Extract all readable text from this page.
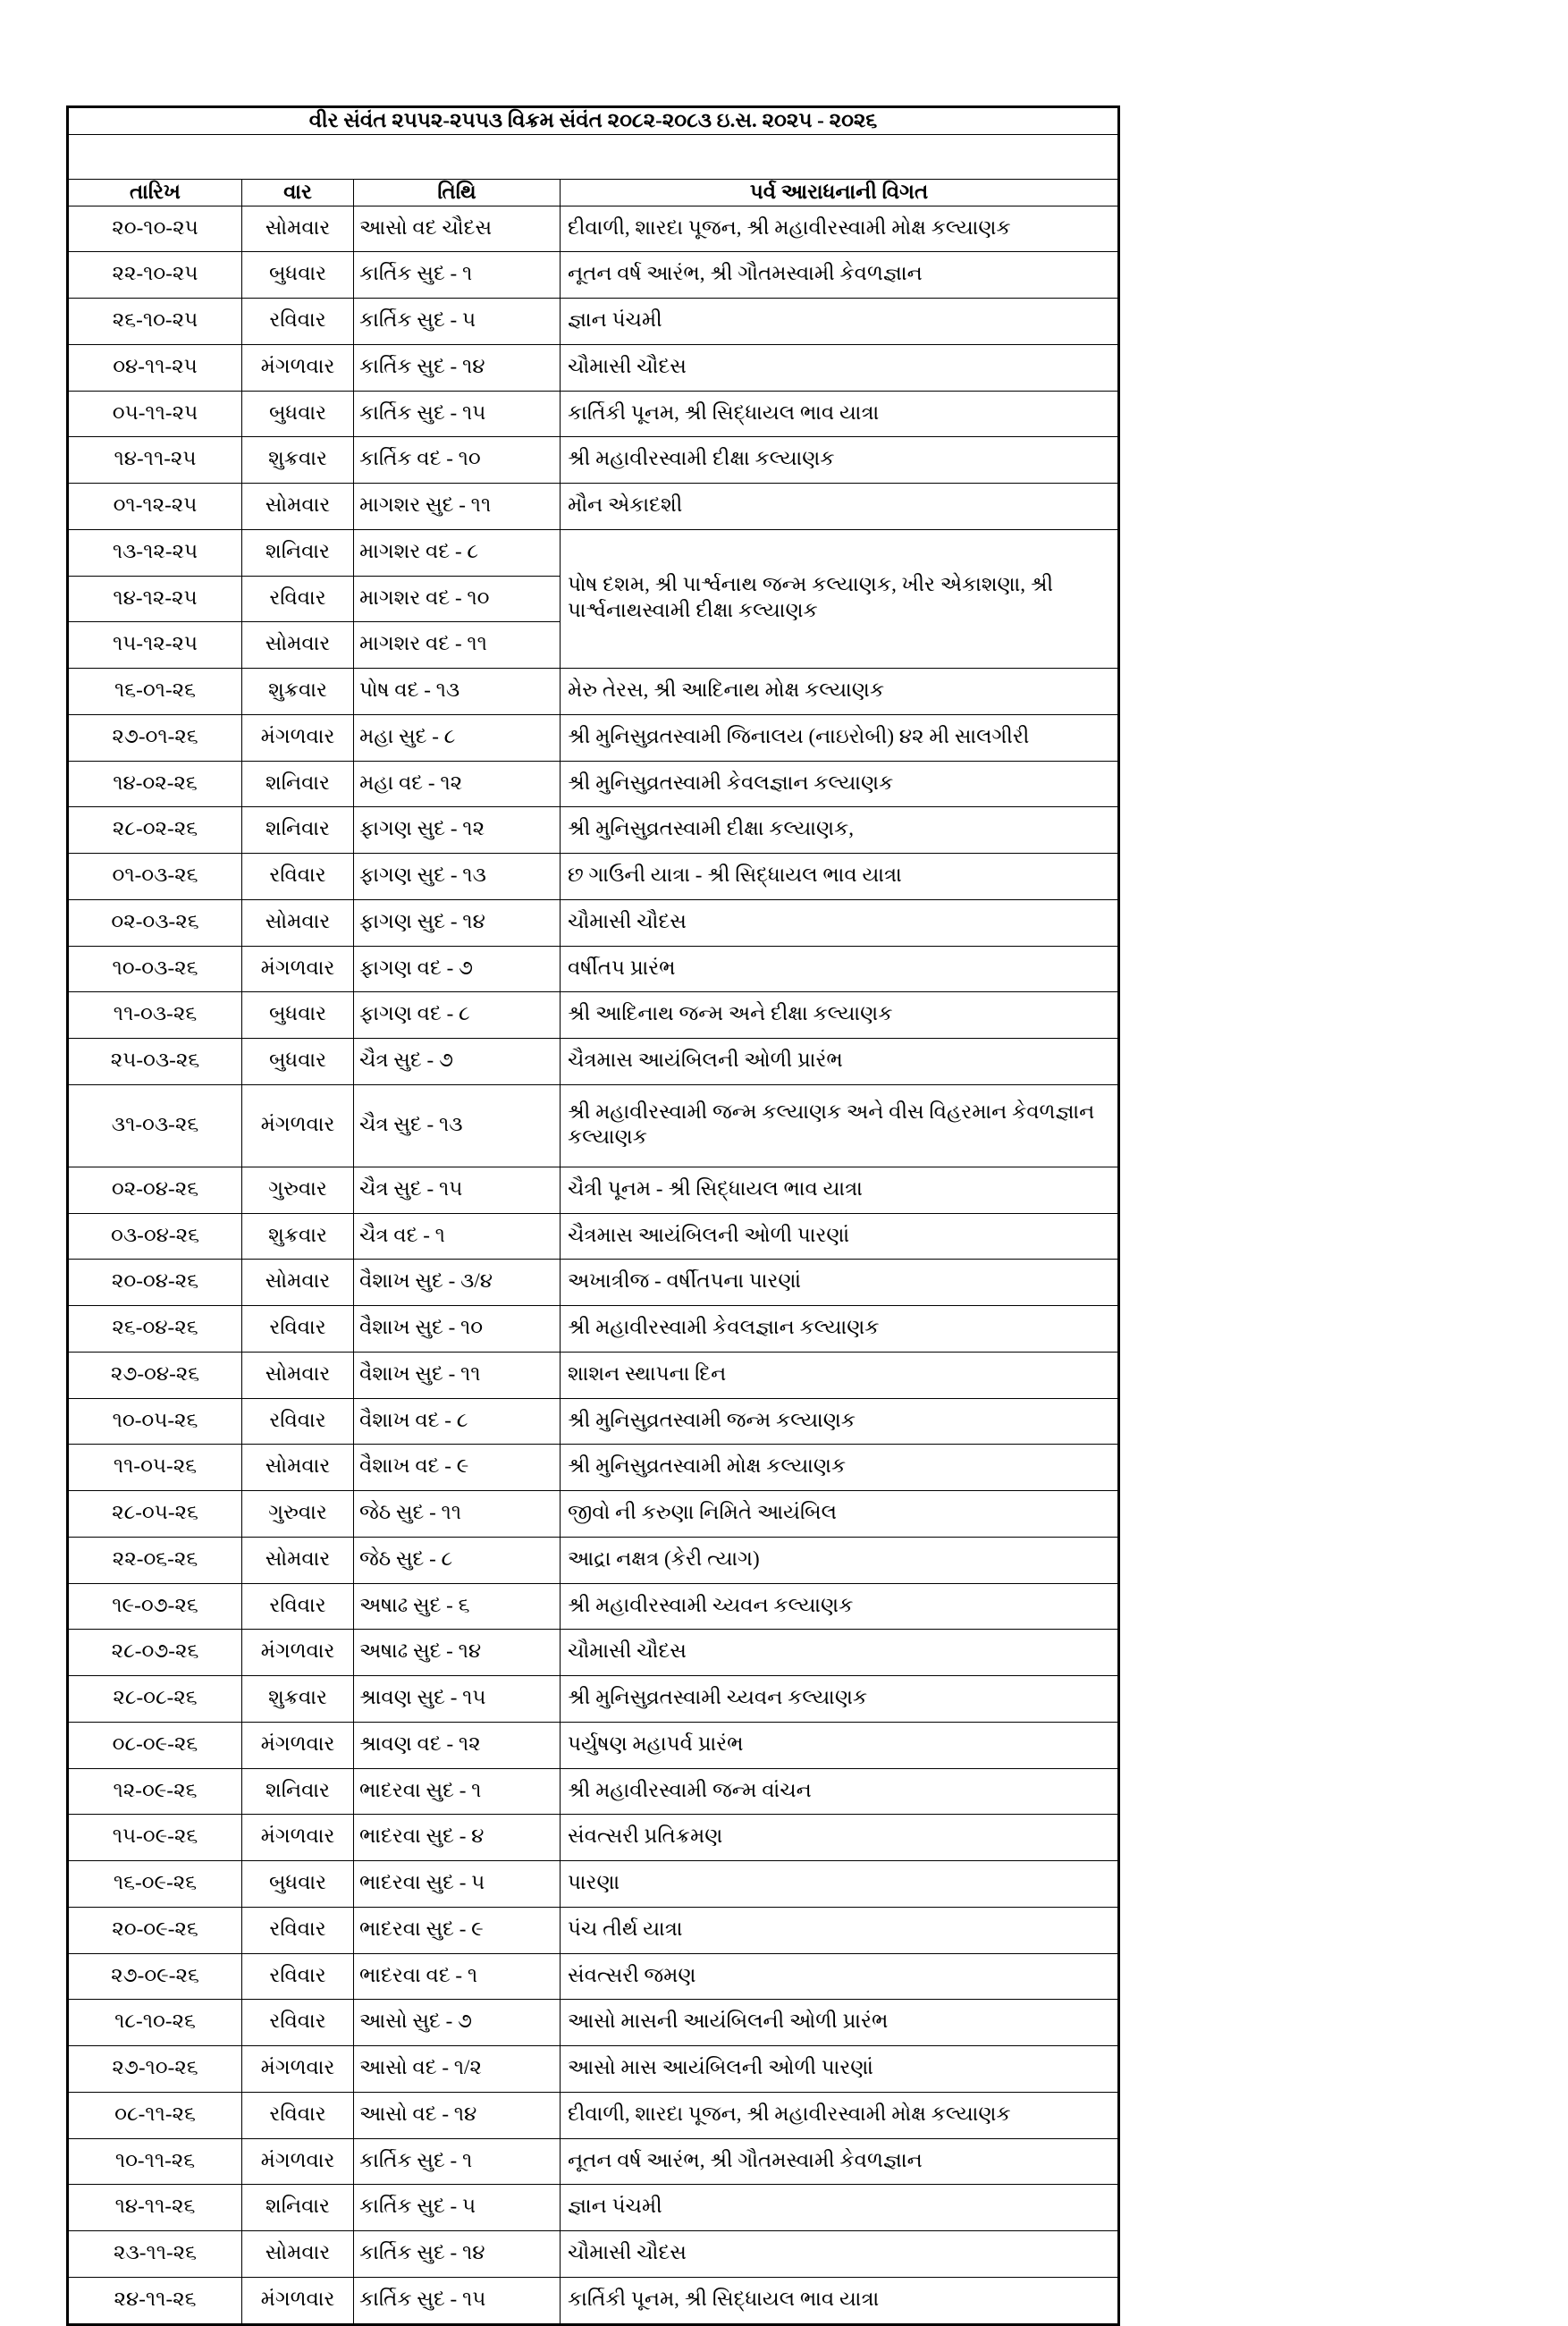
વીર સંવંત ૨૫૫૨-૨૫૫૩ વિક્રમ સંવંત ૨૦૮૨-૨૦૮૩ ઇ.સ. ૨૦૨૫ - ૨૦૨૬			

તારિખ	વાર	તિથિ	પર્વ આરાધનાની વિગત
૨૦-૧૦-૨૫	સોમવાર	આસો વદ ચૌદસ	દીવાળી, શારદા પૂજન, શ્રી મહાવીરસ્વામી મોક્ષ કલ્યાણક
૨૨-૧૦-૨૫	બુધવાર	કાર્તિક સુદ - ૧	નૂતન વર્ષ આરંભ, શ્રી ગૌતમસ્વામી કેવળજ્ઞાન
૨૬-૧૦-૨૫	રવિવાર	કાર્તિક સુદ - ૫	જ્ઞાન પંચમી
૦૪-૧૧-૨૫	મંગળવાર	કાર્તિક સુદ - ૧૪	ચૌમાસી ચૌદસ
૦૫-૧૧-૨૫	બુધવાર	કાર્તિક સુદ - ૧૫	કાર્તિકી પૂનમ, શ્રી સિદ્ધાયલ ભાવ યાત્રા
૧૪-૧૧-૨૫	શુક્રવાર	કાર્તિક વદ - ૧૦	શ્રી મહાવીરસ્વામી દીક્ષા કલ્યાણક
૦૧-૧૨-૨૫	સોમવાર	માગશર સુદ - ૧૧	મૌન એકાદશી
૧૩-૧૨-૨૫	શનિવાર	માગશર વદ - ૮	પોષ દશમ, શ્રી પાર્શ્વનાથ જન્મ કલ્યાણક, ખીર એકાશણા, શ્રી પાર્શ્વનાથસ્વામી દીક્ષા કલ્યાણક
૧૪-૧૨-૨૫	રવિવાર	માગશર વદ - ૧૦	
૧૫-૧૨-૨૫	સોમવાર	માગશર વદ - ૧૧	
૧૬-૦૧-૨૬	શુક્રવાર	પોષ વદ - ૧૩	મેરુ તેરસ, શ્રી આદિનાથ મોક્ષ કલ્યાણક
૨૭-૦૧-૨૬	મંગળવાર	મહા સુદ - ૮	શ્રી મુનિસુવ્રતસ્વામી જિનાલય (નાઇરોબી) ૪૨ મી સાલગીરી
૧૪-૦૨-૨૬	શનિવાર	મહા વદ - ૧૨	શ્રી મુનિસુવ્રતસ્વામી કેવલજ્ઞાન કલ્યાણક
૨૮-૦૨-૨૬	શનિવાર	ફાગણ સુદ - ૧૨	શ્રી મુનિસુવ્રતસ્વામી દીક્ષા કલ્યાણક,
૦૧-૦૩-૨૬	રવિવાર	ફાગણ સુદ - ૧૩	છ ગાઉની યાત્રા - શ્રી સિદ્ધાયલ ભાવ યાત્રા
૦૨-૦૩-૨૬	સોમવાર	ફાગણ સુદ - ૧૪	ચૌમાસી ચૌદસ
૧૦-૦૩-૨૬	મંગળવાર	ફાગણ વદ - ૭	વર્ષીતપ પ્રારંભ
૧૧-૦૩-૨૬	બુધવાર	ફાગણ વદ - ૮	શ્રી આદિનાથ જન્મ અને દીક્ષા કલ્યાણક
૨૫-૦૩-૨૬	બુધવાર	ચૈત્ર સુદ - ૭	ચૈત્રમાસ આયંબિલની ઓળી પ્રારંભ
૩૧-૦૩-૨૬	મંગળવાર	ચૈત્ર સુદ - ૧૩	શ્રી મહાવીરસ્વામી જન્મ કલ્યાણક અને વીસ વિહરમાન કેવળજ્ઞાન કલ્યાણક
૦૨-૦૪-૨૬	ગુરુવાર	ચૈત્ર સુદ - ૧૫	ચૈત્રી પૂનમ - શ્રી સિદ્ધાયલ ભાવ યાત્રા
૦૩-૦૪-૨૬	શુક્રવાર	ચૈત્ર વદ - ૧	ચૈત્રમાસ આયંબિલની ઓળી પારણાં
૨૦-૦૪-૨૬	સોમવાર	વૈશાખ સુદ - ૩/૪	અખાત્રીજ - વર્ષીતપના પારણાં
૨૬-૦૪-૨૬	રવિવાર	વૈશાખ સુદ - ૧૦	શ્રી મહાવીરસ્વામી કેવલજ્ઞાન કલ્યાણક
૨૭-૦૪-૨૬	સોમવાર	વૈશાખ સુદ - ૧૧	શાશન સ્થાપના દિન
૧૦-૦૫-૨૬	રવિવાર	વૈશાખ વદ - ૮	શ્રી મુનિસુવ્રતસ્વામી જન્મ કલ્યાણક
૧૧-૦૫-૨૬	સોમવાર	વૈશાખ વદ - ૯	શ્રી મુનિસુવ્રતસ્વામી મોક્ષ કલ્યાણક
૨૮-૦૫-૨૬	ગુરુવાર	જેઠ સુદ - ૧૧	જીવો ની કરુણા નિમિતે આયંબિલ
૨૨-૦૬-૨૬	સોમવાર	જેઠ સુદ - ૮	આદ્રા નક્ષત્ર (કેરી ત્યાગ)
૧૯-૦૭-૨૬	રવિવાર	અષાઢ સુદ - ૬	શ્રી મહાવીરસ્વામી ચ્યવન કલ્યાણક
૨૮-૦૭-૨૬	મંગળવાર	અષાઢ સુદ - ૧૪	ચૌમાસી ચૌદસ
૨૮-૦૮-૨૬	શુક્રવાર	શ્રાવણ સુદ - ૧૫	શ્રી મુનિસુવ્રતસ્વામી ચ્યવન કલ્યાણક
૦૮-૦૯-૨૬	મંગળવાર	શ્રાવણ વદ - ૧૨	પર્યુષણ મહાપર્વ પ્રારંભ
૧૨-૦૯-૨૬	શનિવાર	ભાદરવા સુદ - ૧	શ્રી મહાવીરસ્વામી જન્મ વાંચન
૧૫-૦૯-૨૬	મંગળવાર	ભાદરવા સુદ - ૪	સંવત્સરી પ્રતિક્રમણ
૧૬-૦૯-૨૬	બુધવાર	ભાદરવા સુદ - ૫	પારણા
૨૦-૦૯-૨૬	રવિવાર	ભાદરવા સુદ - ૯	પંચ તીર્થ યાત્રા
૨૭-૦૯-૨૬	રવિવાર	ભાદરવા વદ - ૧	સંવત્સરી જમણ
૧૮-૧૦-૨૬	રવિવાર	આસો સુદ - ૭	આસો માસની આયંબિલની ઓળી પ્રારંભ
૨૭-૧૦-૨૬	મંગળવાર	આસો વદ - ૧/૨	આસો માસ આયંબિલની ઓળી પારણાં
૦૮-૧૧-૨૬	રવિવાર	આસો વદ - ૧૪	દીવાળી, શારદા પૂજન, શ્રી મહાવીરસ્વામી મોક્ષ કલ્યાણક
૧૦-૧૧-૨૬	મંગળવાર	કાર્તિક સુદ - ૧	નૂતન વર્ષ આરંભ, શ્રી ગૌતમસ્વામી કેવળજ્ઞાન
૧૪-૧૧-૨૬	શનિવાર	કાર્તિક સુદ - ૫	જ્ઞાન પંચમી
૨૩-૧૧-૨૬	સોમવાર	કાર્તિક સુદ - ૧૪	ચૌમાસી ચૌદસ
૨૪-૧૧-૨૬	મંગળવાર	કાર્તિક સુદ - ૧૫	કાર્તિકી પૂનમ, શ્રી સિદ્ધાયલ ભાવ યાત્રા
